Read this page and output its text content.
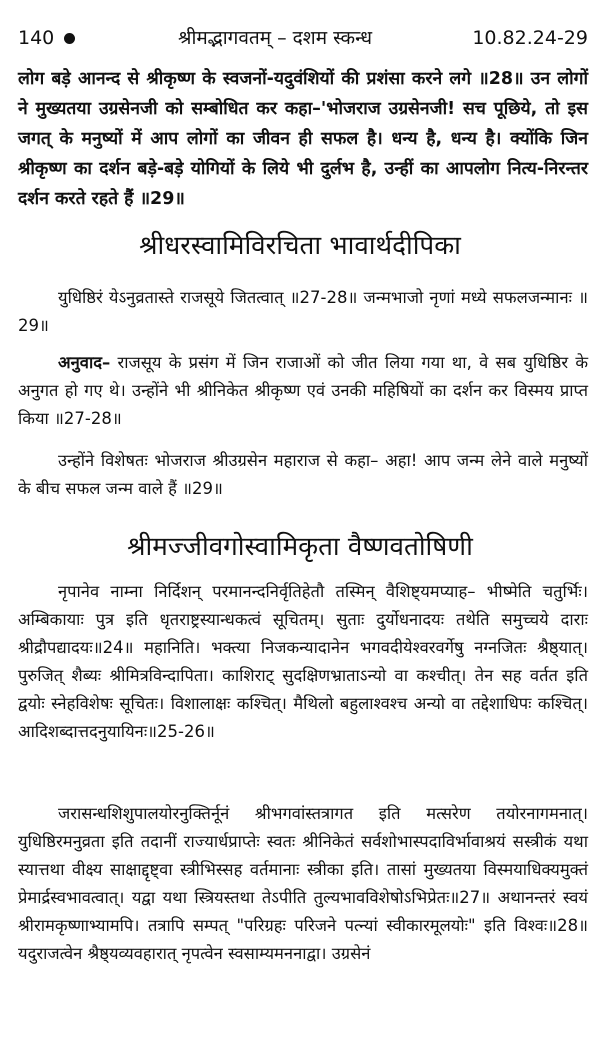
140	श्रीमद्भागवतम् – दशम स्कन्ध	10.82.24-29
लोग बड़े आनन्द से श्रीकृष्ण के स्वजनों-यदुवंशियों की प्रशंसा करने लगे ॥28॥ उन लोगों ने मुख्यतया उग्रसेनजी को सम्बोधित कर कहा–'भोजराज उग्रसेनजी! सच पूछिये, तो इस जगत् के मनुष्यों में आप लोगों का जीवन ही सफल है। धन्य है, धन्य है। क्योंकि जिन श्रीकृष्ण का दर्शन बड़े-बड़े योगियों के लिये भी दुर्लभ है, उन्हीं का आपलोग नित्य-निरन्तर दर्शन करते रहते हैं ॥29॥
श्रीधरस्वामिविरचिता भावार्थदीपिका
युधिष्ठिरं येऽनुव्रतास्ते राजसूये जितत्वात् ॥27-28॥ जन्मभाजो नृणां मध्ये सफलजन्मानः ॥29॥
अनुवाद– राजसूय के प्रसंग में जिन राजाओं को जीत लिया गया था, वे सब युधिष्ठिर के अनुगत हो गए थे। उन्होंने भी श्रीनिकेत श्रीकृष्ण एवं उनकी महिषियों का दर्शन कर विस्मय प्राप्त किया ॥27-28॥
उन्होंने विशेषतः भोजराज श्रीउग्रसेन महाराज से कहा– अहा! आप जन्म लेने वाले मनुष्यों के बीच सफल जन्म वाले हैं ॥29॥
श्रीमज्जीवगोस्वामिकृता वैष्णवतोषिणी
नृपानेव नाम्ना निर्दिशन् परमानन्दनिर्वृतिहेतौ तस्मिन् वैशिष्ट्यमप्याह– भीष्मेति चतुर्भिः। अम्बिकायाः पुत्र इति धृतराष्ट्रस्यान्धकत्वं सूचितम्। सुताः दुर्योधनादयः तथेति समुच्चये दाराः श्रीद्रौपद्यादयः॥24॥ महानिति। भक्त्या निजकन्यादानेन भगवदीयेश्वरवर्गेषु नग्नजितः श्रैष्ठ्यात्। पुरुजित् शैब्यः श्रीमित्रविन्दापिता। काशिराट् सुदक्षिणभ्राताऽन्यो वा कश्चीत्। तेन सह वर्तत इति द्वयोः स्नेहविशेषः सूचितः। विशालाक्षः कश्चित्। मैथिलो बहुलाश्वश्च अन्यो वा तद्देशाधिपः कश्चित्। आदिशब्दात्तदनुयायिनः॥25-26॥
जरासन्धशिशुपालयोरनुक्तिर्नूनं श्रीभगवांस्तत्रागत इति मत्सरेण तयोरनागमनात्। युधिष्ठिरमनुव्रता इति तदानीं राज्यार्धप्राप्तेः स्वतः श्रीनिकेतं सर्वशोभास्पदाविर्भावाश्रयं सस्त्रीकं यथा स्यात्तथा वीक्ष्य साक्षाद्दृष्ट्वा स्त्रीभिस्सह वर्तमानाः स्त्रीका इति। तासां मुख्यतया विस्मयाधिक्यमुक्तं प्रेमार्द्रस्वभावत्वात्। यद्वा यथा स्त्रियस्तथा तेऽपीति तुल्यभावविशेषोऽभिप्रेतः॥27॥ अथानन्तरं स्वयं श्रीरामकृष्णाभ्यामपि। तत्रापि सम्पत् "परिग्रहः परिजने पत्न्यां स्वीकारमूलयोः" इति विश्वः॥28॥ यदुराजत्वेन श्रैष्ठ्यव्यवहारात् नृपत्वेन स्वसाम्यमननाद्वा। उग्रसेनं
